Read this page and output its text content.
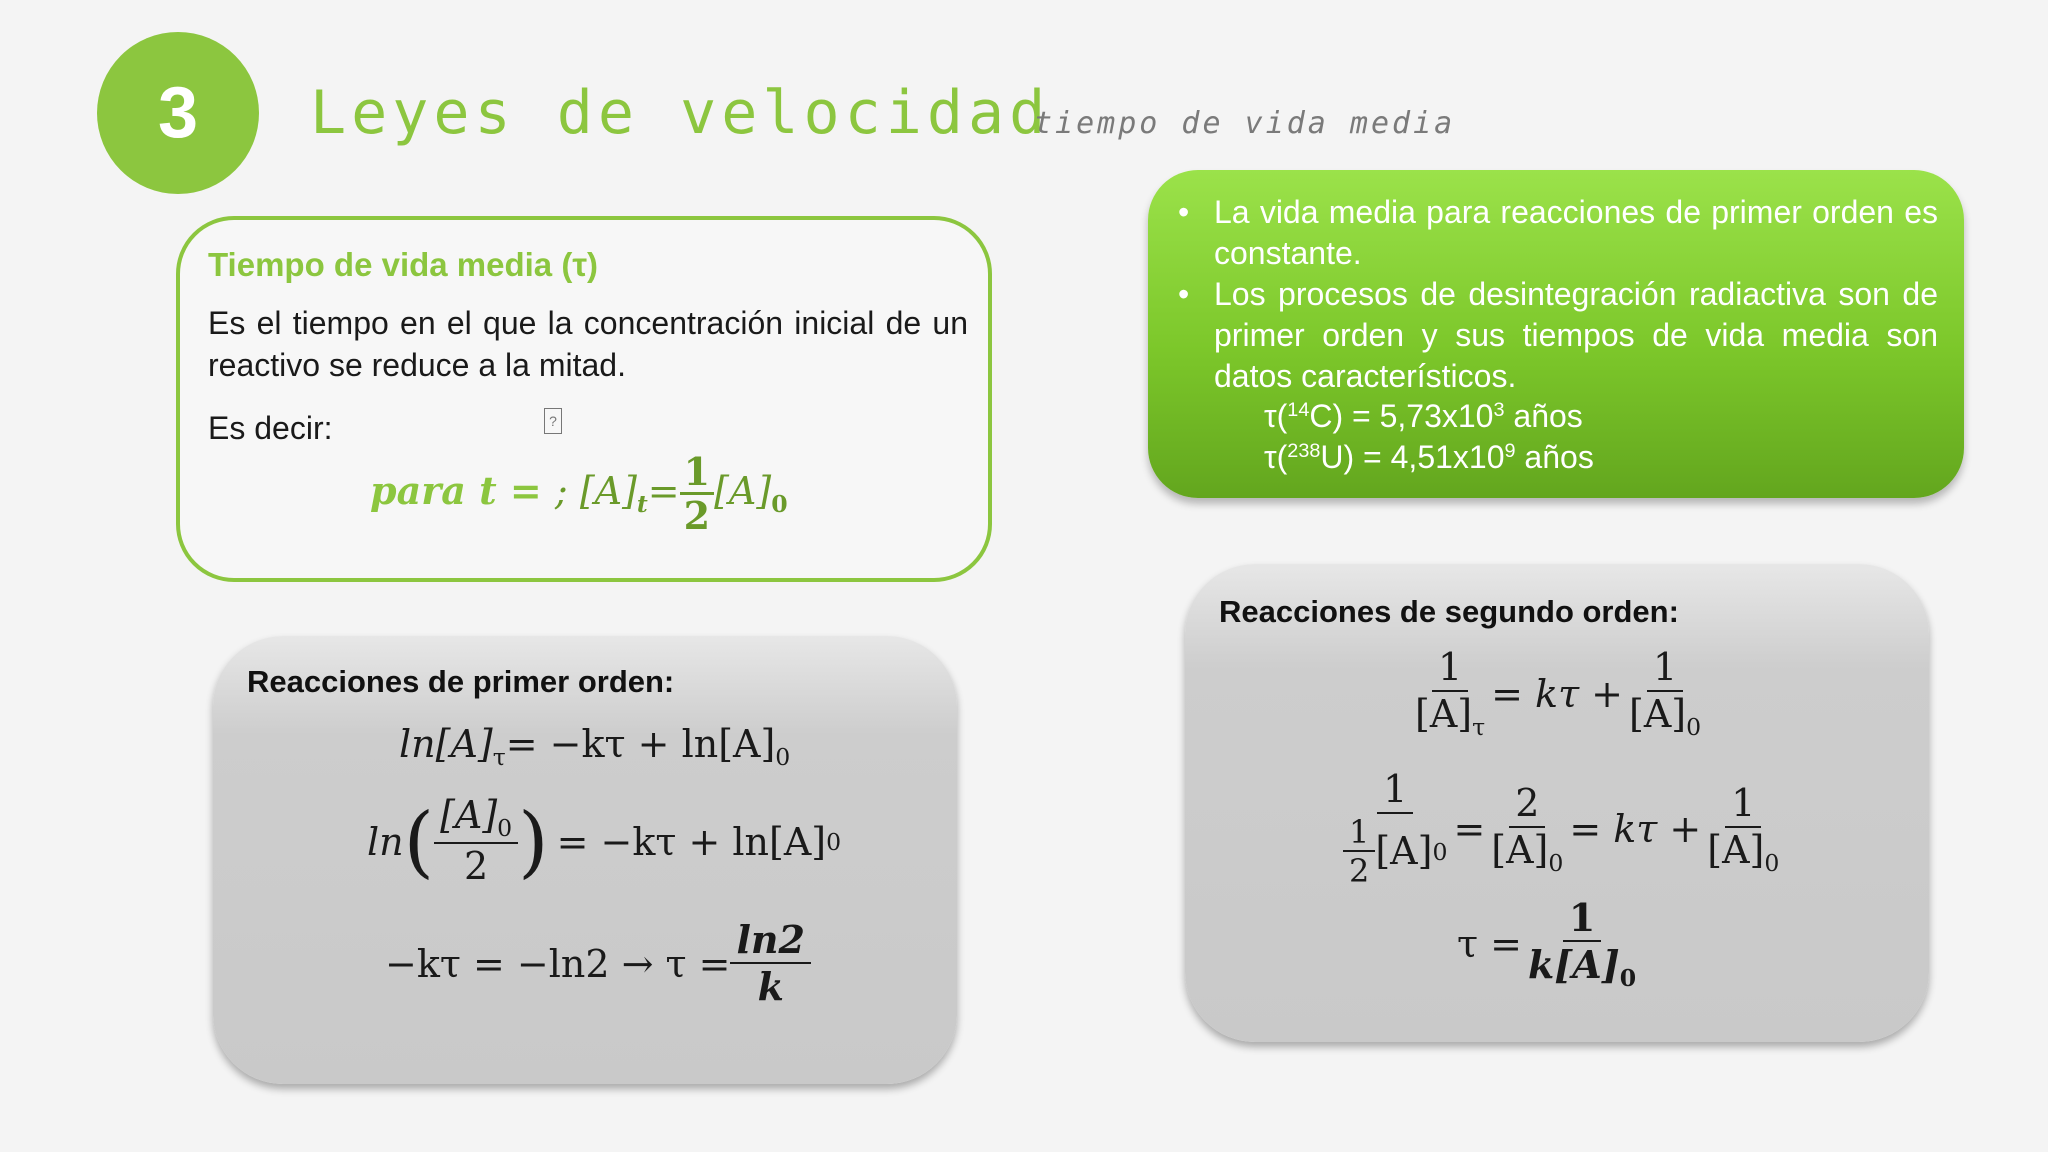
3 Leyes de velocidad
tiempo de vida media
Tiempo de vida media (τ)
Es el tiempo en el que la concentración inicial de un reactivo se reduce a la mitad.
Es decir:	?
para t = ; $[A]_t= \frac{1}{2} [A]_0$
• La vida media para reacciones de primer orden es constante.
• Los procesos de desintegración radiactiva son de primer orden y sus tiempos de vida media son datos característicos.
$\tau(^{14}C) = 5,73x10^3$ años
$\tau(^{238}U) = 4,51x10^9$ años
Reacciones de primer orden:
$\ln[A]_\tau= -k\tau + \ln[A]_0$
ln ( $[A]_0$
2 ) = −kτ + ln[A] 0
$-k\tau = -\ln 2 \to \tau = \frac{\ln 2}{k}$
Reacciones de segundo orden:
$\frac{1}{[A]_\tau} = k\tau + \frac{1}{[A]_0}$
$\frac{1}{\frac{1}{2} [A] 0} = \frac{2}{[A]_0} = k\tau + \frac{1}{[A]_0}$
$\tau = \frac{1}{k[A]_0}$
